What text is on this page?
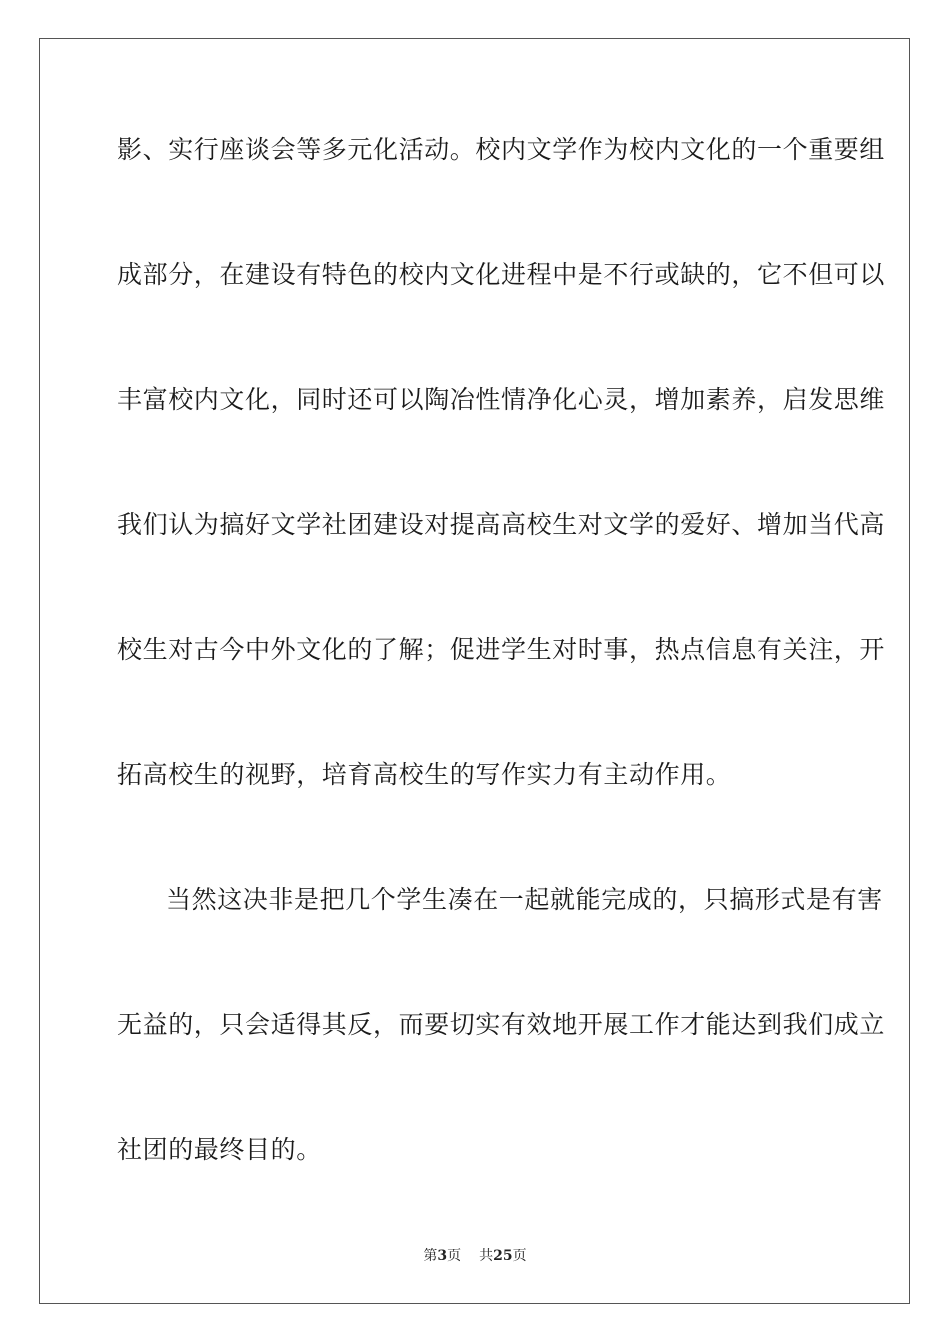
影、实行座谈会等多元化活动。校内文学作为校内文化的一个重要组
成部分，在建设有特色的校内文化进程中是不行或缺的，它不但可以
丰富校内文化，同时还可以陶冶性情净化心灵，增加素养，启发思维
我们认为搞好文学社团建设对提高高校生对文学的爱好、增加当代高
校生对古今中外文化的了解；促进学生对时事，热点信息有关注，开
拓高校生的视野，培育高校生的写作实力有主动作用。
当然这决非是把几个学生凑在一起就能完成的，只搞形式是有害
无益的，只会适得其反，而要切实有效地开展工作才能达到我们成立
社团的最终目的。
第3页 共25页
